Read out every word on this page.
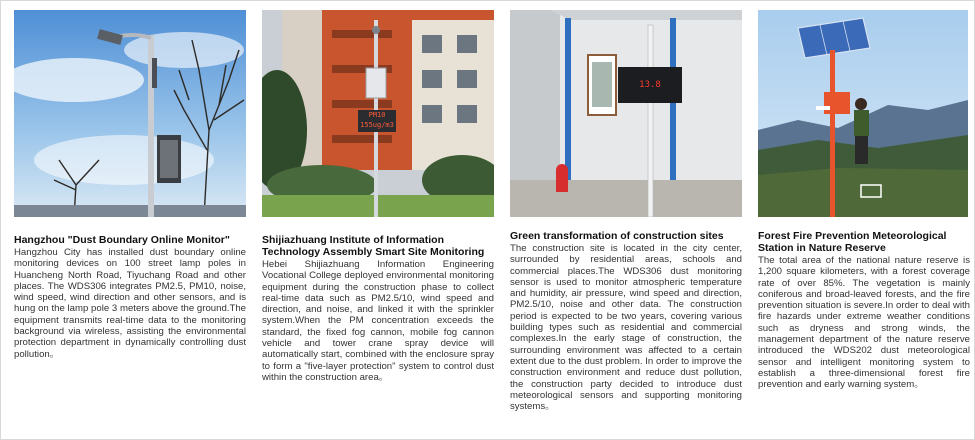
Hangzhou "Dust Boundary Online Monitor"

Hangzhou City has installed dust boundary online monitoring devices on 100 street lamp poles in Huancheng North Road, Tiyuchang Road and other places. The WDS306 integrates PM2.5, PM10, noise, wind speed, wind direction and other sensors, and is hung on the lamp pole 3 meters above the ground.The equipment transmits real-time data to the monitoring background via wireless, assisting the environmental protection department in dynamically controlling dust pollution。

PM10
155ug/m3

Shijiazhuang Institute of Information Technology Assembly Smart Site Monitoring

Hebei Shijiazhuang Information Engineering Vocational College deployed environmental monitoring equipment during the construction phase to collect real-time data such as PM2.5/10, wind speed and direction, and noise, and linked it with the sprinkler system.When the PM concentration exceeds the standard, the fixed fog cannon, mobile fog cannon vehicle and tower crane spray device will automatically start, combined with the enclosure spray to form a "five-layer protection" system to control dust within the construction area。

13.8

Green transformation of construction sites

The construction site is located in the city center, surrounded by residential areas, schools and commercial places.The WDS306 dust monitoring sensor is used to monitor atmospheric temperature and humidity, air pressure, wind speed and direction, PM2.5/10, noise and other data. The construction period is expected to be two years, covering various building types such as residential and commercial complexes.In the early stage of construction, the surrounding environment was affected to a certain extent due to the dust problem. In order to improve the construction environment and reduce dust pollution, the construction party decided to introduce dust meteorological sensors and supporting monitoring systems。

Forest Fire Prevention Meteorological Station in Nature Reserve

The total area of the national nature reserve is 1,200 square kilometers, with a forest coverage rate of over 85%. The vegetation is mainly coniferous and broad-leaved forests, and the fire prevention situation is severe.In order to deal with fire hazards under extreme weather conditions such as dryness and strong winds, the management department of the nature reserve introduced the WDS202 dust meteorological sensor and intelligent monitoring system to establish a three-dimensional forest fire prevention and early warning system。
